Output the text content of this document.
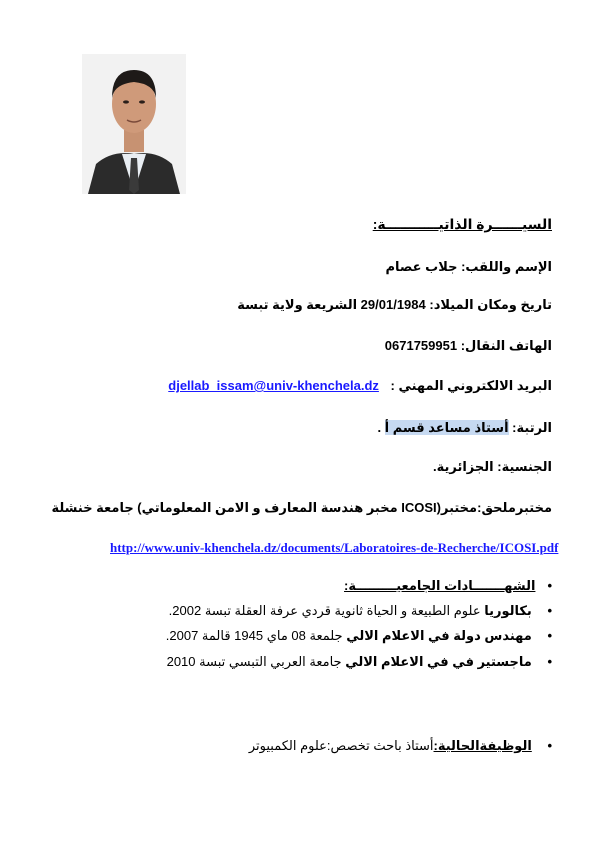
السيــــــرة الذاتيـــــــــــة:
الإسم واللقب: جلاب عصام
تاريخ ومكان الميلاد: 29/01/1984 الشريعة ولاية تبسة
الهاتف النقال: 0671759951
البريد الالكتروني المهني : djellab_issam@univ-khenchela.dz
الرتبة: أستاذ مساعد قسم أ .
الجنسية: الجزائرية.
مختبرملحق:مختبر(ICOSI مخبر هندسة المعارف و الامن المعلوماتي) جامعة خنشلة
http://www.univ-khenchela.dz/documents/Laboratoires-de-Recherche/ICOSI.pdf
• الشهـــــــادات الجامعيـــــــــة:
• بكالوريا علوم الطبيعة و الحياة ثانوية قردي عرفة العقلة تبسة 2002.
• مهندس دولة في الاعلام الالي جلمعة 08 ماي 1945 قالمة 2007.
• ماجستير في في الاعلام الالي جامعة العربي التبسي تبسة 2010
• الوظيفةالحالية:أستاذ باحث تخصص:علوم الكمبيوتر
